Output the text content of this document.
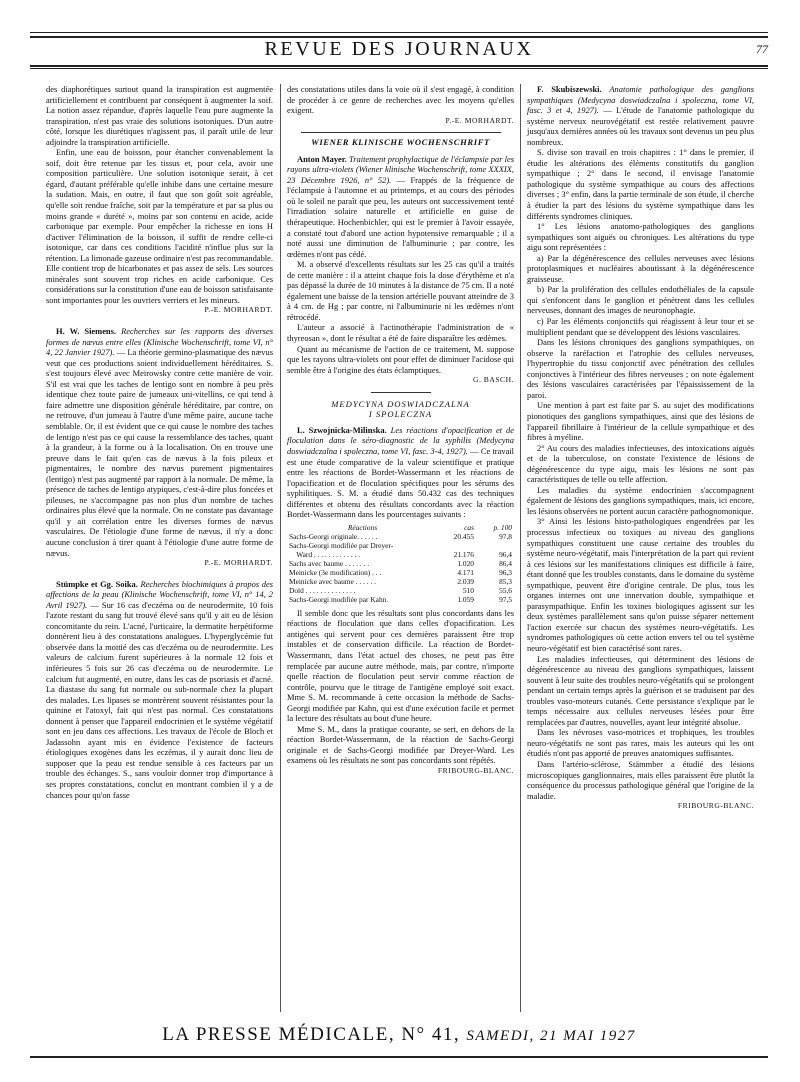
REVUE DES JOURNAUX	77

des diaphorétiques surtout quand la transpiration est augmentée artificiellement et contribuent par conséquent à augmenter la soif. La notion assez répandue, d'après laquelle l'eau pure augmente la transpiration, n'est pas vraie des solutions isotoniques. D'un autre côté, lorsque les diurétiques n'agissent pas, il paraît utile de leur adjoindre la transpiration artificielle.

Enfin, une eau de boisson, pour étancher convenablement la soif, doit être retenue par les tissus et, pour cela, avoir une composition particulière. Une solution isotonique serait, à cet égard, d'autant préférable qu'elle inhibe dans une certaine mesure la sudation. Mais, en outre, il faut que son goût soit agréable, qu'elle soit rendue fraîche, soit par la température et par sa plus ou moins grande « durété », moins par son contenu en acide, acide carbonique par exemple. Pour empêcher la richesse en ions H d'activer l'élimination de la boisson, il suffit de rendre celle-ci isotonique, car dans ces conditions l'acidité n'influe plus sur la rétention. La limonade gazeuse ordinaire n'est pas recommandable. Elle contient trop de bicarbonates et pas assez de sels. Les sources minérales sont souvent trop riches en acide carbonique. Ces considérations sur la constitution d'une eau de boisson satisfaisante sont importantes pour les ouvriers verriers et les mineurs.

P.-E. MORHARDT.

H. W. Siemens. Recherches sur les rapports des diverses formes de nævus entre elles (Klinische Wochenschrift, tome VI, n° 4, 22 Janvier 1927). — La théorie germino-plasmatique des nævus veut que ces productions soient individuellement héréditaires. S. s'est toujours élevé avec Meirowsky contre cette manière de voir. S'il est vrai que les taches de lentigo sont en nombre à peu près identique chez toute paire de jumeaux uni-vitellins, ce qui tend à faire admettre une disposition générale héréditaire, par contre, on ne retrouve, d'un jumeau à l'autre d'une même paire, aucune tache semblable. Or, il est évident que ce qui cause le nombre des taches de lentigo n'est pas ce qui cause la ressemblance des taches, quant à la grandeur, à la forme ou à la localisation. On en trouve une preuve dans le fait qu'en cas de nævus à la fois pileux et pigmentaires, le nombre des nævus purement pigmentaires (lentigo) n'est pas augmenté par rapport à la normale. De même, la présence de taches de lentigo atypiques, c'est-à-dire plus foncées et pileuses, ne s'accompagne pas non plus d'un nombre de taches ordinaires plus élevé que la normale. On ne constate pas davantage qu'il y ait corrélation entre les diverses formes de nævus vasculaires. De l'étiologie d'une forme de nævus, il n'y a donc aucune conclusion à tirer quant à l'étiologie d'une autre forme de nævus.

P.-E. MORHARDT.

Stümpke et Gg. Soika. Recherches biochimiques à propos des affections de la peau (Klinische Wochenschrift, tome VI, n° 14, 2 Avril 1927). — Sur 16 cas d'eczéma ou de neurodermite, 10 fois l'azote restant du sang fut trouvé élevé sans qu'il y ait eu de lésion concomitante du rein. L'acné, l'urticaire, la dermatite herpétiforme donnèrent lieu à des constatations analogues. L'hyperglycémie fut observée dans la moitié des cas d'eczéma ou de neurodermite. Les valeurs de calcium furent supérieures à la normale 12 fois et inférieures 5 fois sur 26 cas d'eczéma ou de neurodermite. Le calcium fut augmenté, en outre, dans les cas de psoriasis et d'acné. La diastase du sang fut normale ou sub-normale chez la plupart des malades. Les lipases se montrèrent souvent résistantes pour la quinine et l'atoxyl, fait qui n'est pas normal. Ces constatations donnent à penser que l'appareil endocrinien et le système végétatif sont en jeu dans ces affections. Les travaux de l'école de Bloch et Jadassohn ayant mis en évidence l'existence de facteurs étiologiques exogènes dans les eczémas, il y aurait donc lieu de supposer que la peau est rendue sensible à ces facteurs par un trouble des échanges. S., sans vouloir donner trop d'importance à ses propres constatations, conclut en montrant combien il y a de chances pour qu'on fasse

des constatations utiles dans la voie où il s'est engagé, à condition de procéder à ce genre de recherches avec les moyens qu'elles exigent.

P.-E. MORHARDT.

WIENER KLINISCHE WOCHENSCHRIFT

Anton Mayer. Traitement prophylactique de l'éclampsie par les rayons ultra-violets (Wiener klinische Wochenschrift, tome XXXIX, 23 Décembre 1926, n° 52). — Frappés de la fréquence de l'éclampsie à l'automne et au printemps, et au cours des périodes où le soleil ne paraît que peu, les auteurs ont successivement tenté l'irradiation solaire naturelle et artificielle en guise de thérapeutique. Hochenbichler, qui est le premier à l'avoir essayée, a constaté tout d'abord une action hypotensive remarquable ; il a noté aussi une diminution de l'albuminurie ; par contre, les œdèmes n'ont pas cédé.

M. a observé d'excellents résultats sur les 25 cas qu'il a traités de cette manière : il a atteint chaque fois la dose d'érythème et n'a pas dépassé la durée de 10 minutes à la distance de 75 cm. Il a noté également une baisse de la tension artérielle pouvant atteindre de 3 à 4 cm. de Hg ; par contre, ni l'albuminurie ni les œdèmes n'ont rétrocédé.

L'auteur a associé à l'actinothérapie l'administration de « thyreosan », dont le résultat a été de faire disparaître les œdèmes.

Quant au mécanisme de l'action de ce traitement, M. suppose que les rayons ultra-violets ont pour effet de diminuer l'acidose qui semble être à l'origine des états éclamptiques.

G. BASCH.

MEDYCYNA DOSWIADCZALNA
I SPOLECZNA

L. Szwojnicka-Milinska. Les réactions d'opacification et de floculation dans le séro-diagnostic de la syphilis (Medycyna doswiadczalna i spoleczna, tome VI, fasc. 3-4, 1927). — Ce travail est une étude comparative de la valeur scientifique et pratique entre les réactions de Bordet-Wassermann et les réactions de l'opacification et de floculation spécifiques pour les sérums des syphilitiques. S. M. a étudié dans 50.432 cas des techniques différentes et obtenu des résultats concordants avec la réaction Bordet-Wassermann dans les pourcentages suivants :

Réactions	cas	p. 100
Sachs-Georgi originale. . . . . .	20.455	97,8
Sachs-Georgi modifiée par Dreyer-		
Ward . . . . . . . . . . . . .	21.176	96,4
Sachs avec baume . . . . . . .	1.020	86,4
Meinicke (3e modification) . . .	4.171	96,3
Meinicke avec baume . . . . . .	2.039	85,3
Dold . . . . . . . . . . . . . .	510	55,6
Sachs-Georgi modifiée par Kahn.	1.059	97,5

Il semble donc que les résultats sont plus concordants dans les réactions de floculation que dans celles d'opacification. Les antigènes qui servent pour ces dernières paraissent être trop instables et de conservation difficile. La réaction de Bordet-Wassermann, dans l'état actuel des choses, ne peut pas être remplacée par aucune autre méthode, mais, par contre, n'importe quelle réaction de floculation peut servir comme réaction de contrôle, pourvu que le titrage de l'antigène employé soit exact. Mme S. M. recommande à cette occasion la méthode de Sachs-Georgi modifiée par Kahn, qui est d'une exécution facile et permet la lecture des résultats au bout d'une heure.

Mme S. M., dans la pratique courante, se sert, en dehors de la réaction Bordet-Wassermann, de la réaction de Sachs-Georgi originale et de Sachs-Georgi modifiée par Dreyer-Ward. Les examens où les résultats ne sont pas concordants sont répétés.

FRIBOURG-BLANC.

F. Skubiszewski. Anatomie pathologique des ganglions sympathiques (Medycyna doswiadczalna i spoleczna, tome VI, fasc. 3 et 4, 1927). — L'étude de l'anatomie pathologique du système nerveux neurovégétatif est restée relativement pauvre jusqu'aux dernières années où les travaux sont devenus un peu plus nombreux.

S. divise son travail en trois chapitres : 1° dans le premier, il étudie les altérations des éléments constitutifs du ganglion sympathique ; 2° dans le second, il envisage l'anatomie pathologique du système sympathique au cours des affections diverses ; 3° enfin, dans la partie terminale de son étude, il cherche à étudier la part des lésions du système sympathique dans les différents syndromes cliniques.

1° Les lésions anatomo-pathologiques des ganglions sympathiques sont aiguës ou chroniques. Les altérations du type aigu sont représentées :

a) Par la dégénérescence des cellules nerveuses avec lésions protoplasmiques et nucléaires aboutissant à la dégénérescence graisseuse.

b) Par la prolifération des cellules endothéliales de la capsule qui s'enfoncent dans le ganglion et pénètrent dans les cellules nerveuses, donnant des images de neuronophagie.

c) Par les éléments conjonctifs qui réagissent à leur tour et se multiplient pendant que se développent des lésions vasculaires.

Dans les lésions chroniques des ganglions sympathiques, on observe la raréfaction et l'atrophie des cellules nerveuses, l'hypertrophie du tissu conjonctif avec pénétration des cellules conjonctives à l'intérieur des fibres nerveuses ; on note également des lésions vasculaires caractérisées par l'épaississement de la paroi.

Une mention à part est faite par S. au sujet des modifications pionotiques des ganglions sympathiques, ainsi que des lésions de l'appareil fibrillaire à l'intérieur de la cellule sympathique et des fibres à myéline.

2° Au cours des maladies infectieuses, des intoxications aiguës et de la tuberculose, on constate l'existence de lésions de dégénérescence du type aigu, mais les lésions ne sont pas caractéristiques de telle ou telle affection.

Les maladies du système endocrinien s'accompagnent également de lésions des ganglions sympathiques, mais, ici encore, les lésions observées ne portent aucun caractère pathognomonique.

3° Ainsi les lésions histo-pathologiques engendrées par les processus infectieux ou toxiques au niveau des ganglions sympathiques constituent une cause certaine des troubles du système neuro-végétatif, mais l'interprétation de la part qui revient à ces lésions sur les manifestations cliniques est difficile à faire, étant donné que les troubles constants, dans le domaine du système sympathique, peuvent être d'origine centrale. De plus, tous les organes internes ont une innervation double, sympathique et parasympathique. Enfin les toxines biologiques agissent sur les deux systèmes parallèlement sans qu'on puisse séparer nettement l'action exercée sur chacun des systèmes neuro-végétatifs. Les syndromes pathologiques où cette action envers tel ou tel système neuro-végétatif est bien caractérisé sont rares.

Les maladies infectieuses, qui déterminent des lésions de dégénérescence au niveau des ganglions sympathiques, laissent souvent à leur suite des troubles neuro-végétatifs qui se prolongent pendant un certain temps après la guérison et se traduisent par des troubles vaso-moteurs cutanés. Cette persistance s'explique par le temps nécessaire aux cellules nerveuses lésées pour être remplacées par d'autres, nouvelles, ayant leur intégrité absolue.

Dans les névroses vaso-motrices et trophiques, les troubles neuro-végétatifs ne sont pas rares, mais les auteurs qui les ont étudiés n'ont pas apporté de preuves anatomiques suffisantes.

Dans l'artério-sclérose, Stämmber a étudié des lésions microscopiques ganglionnaires, mais elles paraissent être plutôt la conséquence du processus pathologique général que l'origine de la maladie.

FRIBOURG-BLANC.

LA PRESSE MÉDICALE, N° 41, SAMEDI, 21 MAI 1927
